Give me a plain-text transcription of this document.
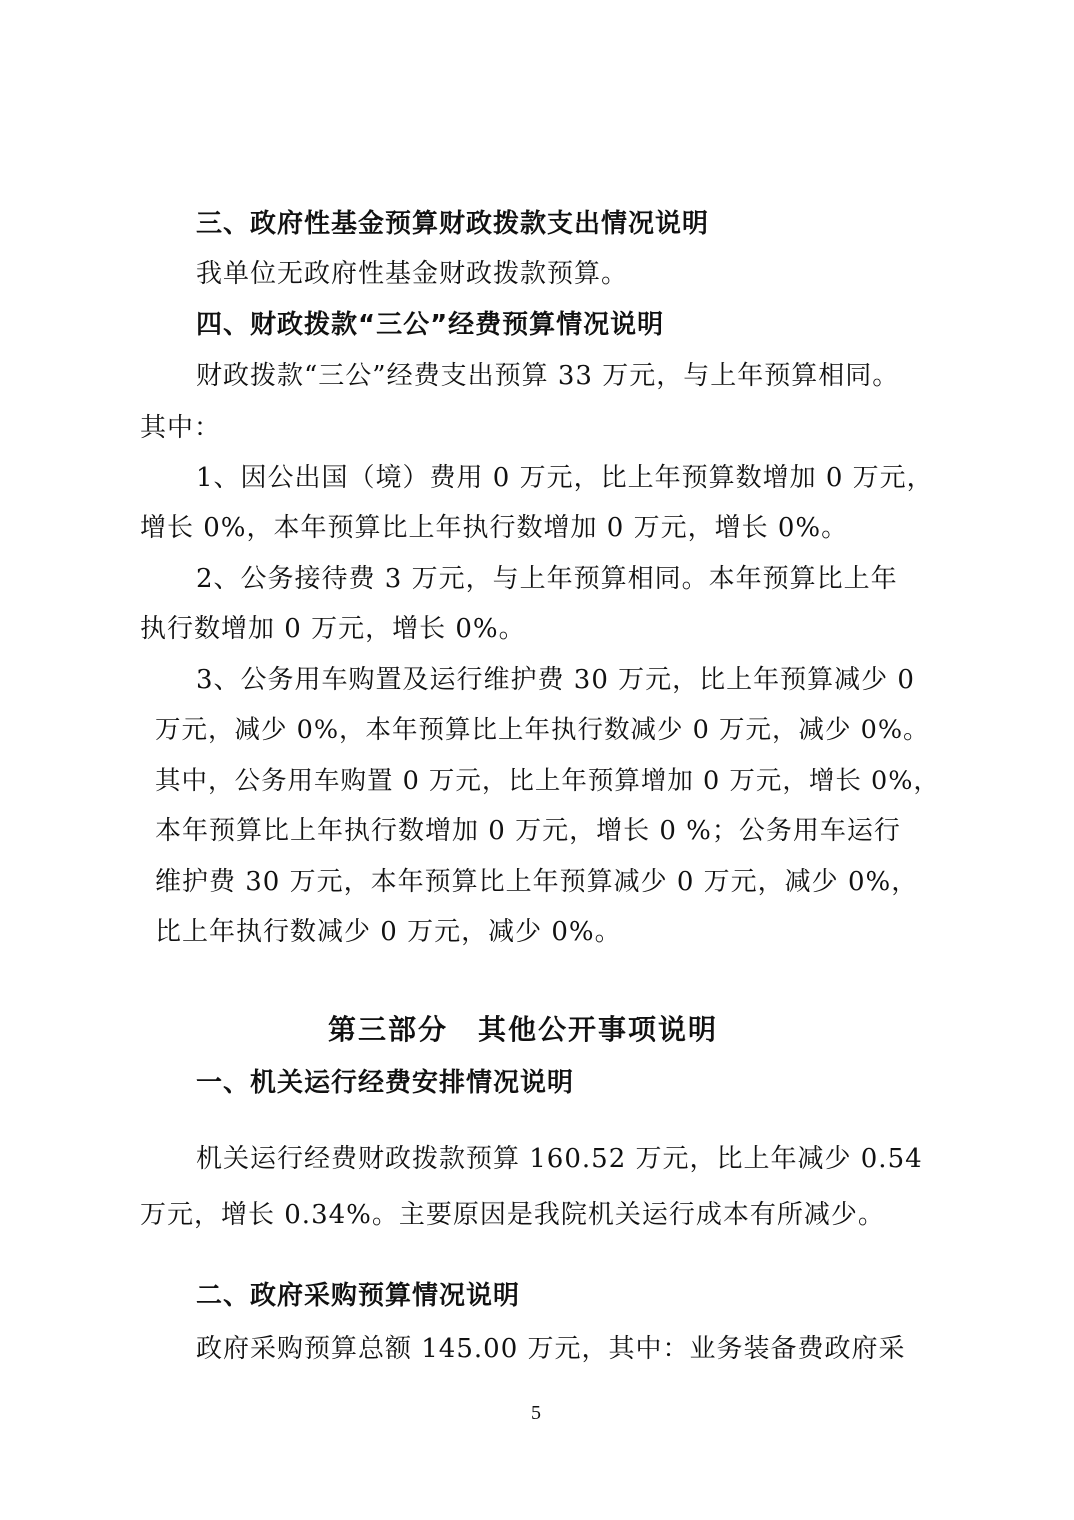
三、政府性基金预算财政拨款支出情况说明
我单位无政府性基金财政拨款预算。
四、财政拨款“三公”经费预算情况说明
财政拨款“三公”经费支出预算 33 万元，与上年预算相同。
其中：
1、因公出国（境）费用 0 万元，比上年预算数增加 0 万元，
增长 0%，本年预算比上年执行数增加 0 万元，增长 0%。
2、公务接待费 3 万元，与上年预算相同。本年预算比上年
执行数增加 0 万元，增长 0%。
3、公务用车购置及运行维护费 30 万元，比上年预算减少 0
万元，减少 0%，本年预算比上年执行数减少 0 万元，减少 0%。
其中，公务用车购置 0 万元，比上年预算增加 0 万元，增长 0%，
本年预算比上年执行数增加 0 万元，增长 0 %；公务用车运行
维护费 30 万元，本年预算比上年预算减少 0 万元，减少 0%，
比上年执行数减少 0 万元，减少 0%。
第三部分　其他公开事项说明
一、机关运行经费安排情况说明
机关运行经费财政拨款预算 160.52 万元，比上年减少 0.54
万元，增长 0.34%。主要原因是我院机关运行成本有所减少。
二、政府采购预算情况说明
政府采购预算总额 145.00 万元，其中：业务装备费政府采
5
